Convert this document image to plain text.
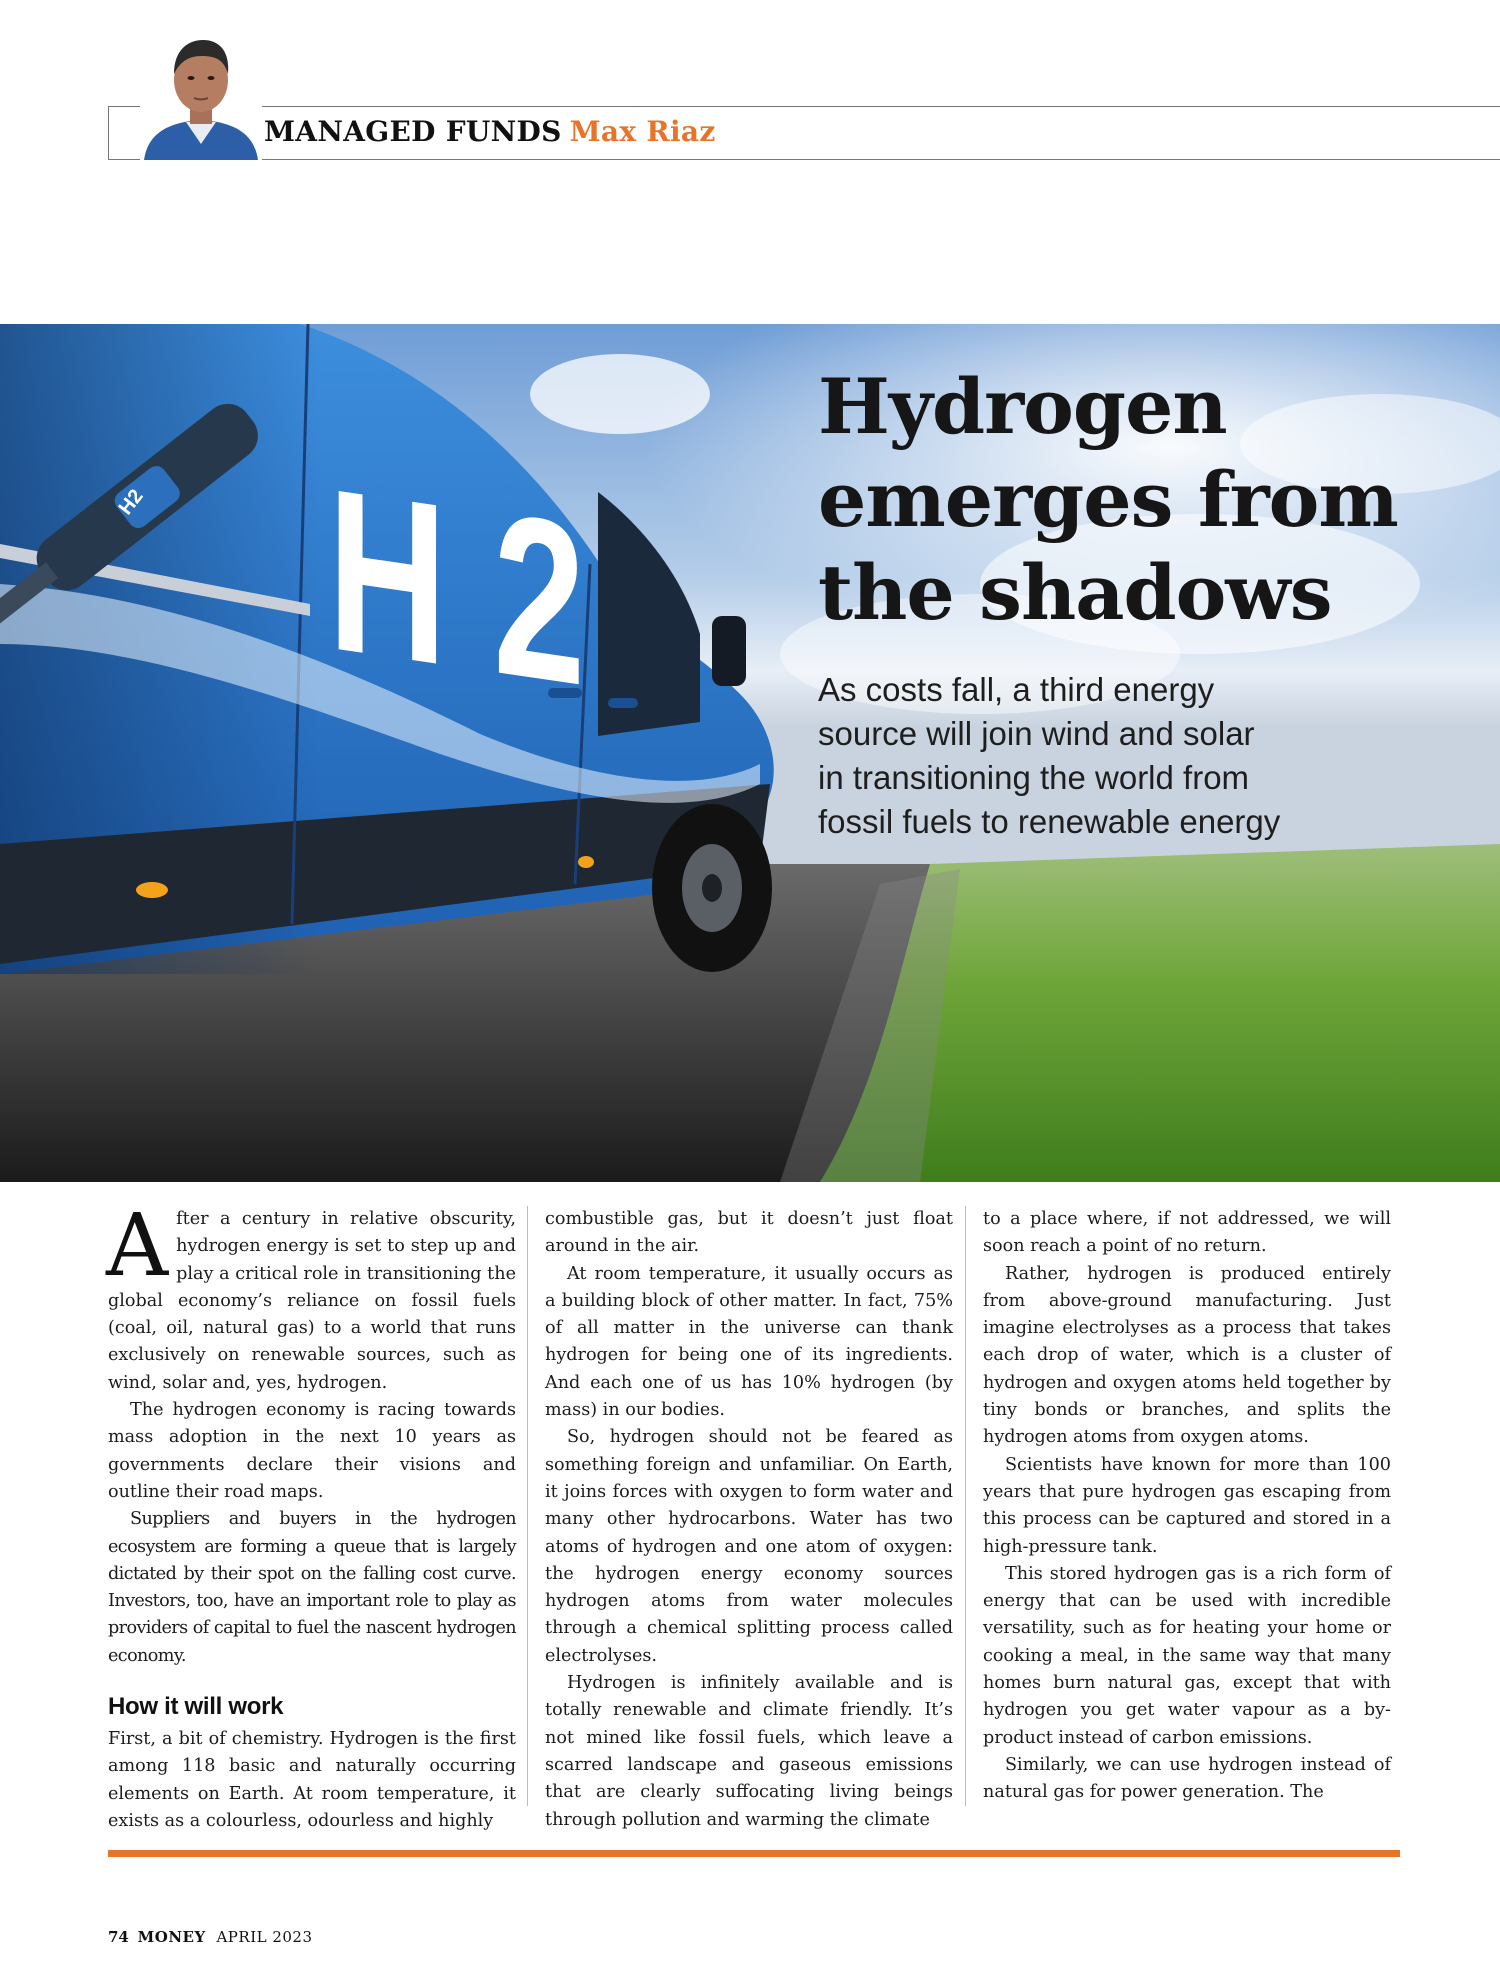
MANAGED FUNDS Max Riaz
H2 H 2
Hydrogen
emerges from
the shadows
As costs fall, a third energy
source will join wind and solar
in transitioning the world from
fossil fuels to renewable energy

After a century in relative obscurity, hydrogen energy is set to step up and play a critical role in transitioning the global economy’s reliance on fossil fuels (coal, oil, natural gas) to a world that runs exclusively on renewable sources, such as wind, solar and, yes, hydrogen.

The hydrogen economy is racing towards mass adoption in the next 10 years as governments declare their visions and outline their road maps.

Suppliers and buyers in the hydrogen ecosystem are forming a queue that is largely dictated by their spot on the falling cost curve. Investors, too, have an important role to play as providers of capital to fuel the nascent hydrogen economy.

How it will work

First, a bit of chemistry. Hydrogen is the first among 118 basic and naturally occurring elements on Earth. At room temperature, it exists as a colourless, odourless and highly

combustible gas, but it doesn’t just float around in the air.

At room temperature, it usually occurs as a building block of other matter. In fact, 75% of all matter in the universe can thank hydrogen for being one of its ingredients. And each one of us has 10% hydrogen (by mass) in our bodies.

So, hydrogen should not be feared as something foreign and unfamiliar. On Earth, it joins forces with oxygen to form water and many other hydrocarbons. Water has two atoms of hydrogen and one atom of oxygen: the hydrogen energy economy sources hydrogen atoms from water molecules through a chemical splitting process called electrolyses.

Hydrogen is infinitely available and is totally renewable and climate friendly. It’s not mined like fossil fuels, which leave a scarred landscape and gaseous emissions that are clearly suffocating living beings through pollution and warming the climate

to a place where, if not addressed, we will soon reach a point of no return.

Rather, hydrogen is produced entirely from above-ground manufacturing. Just imagine electrolyses as a process that takes each drop of water, which is a cluster of hydrogen and oxygen atoms held together by tiny bonds or branches, and splits the hydrogen atoms from oxygen atoms.

Scientists have known for more than 100 years that pure hydrogen gas escaping from this process can be captured and stored in a high-pressure tank.

This stored hydrogen gas is a rich form of energy that can be used with incredible versatility, such as for heating your home or cooking a meal, in the same way that many homes burn natural gas, except that with hydrogen you get water vapour as a by-product instead of carbon emissions.

Similarly, we can use hydrogen instead of natural gas for power generation. The

74 MONEY APRIL 2023
